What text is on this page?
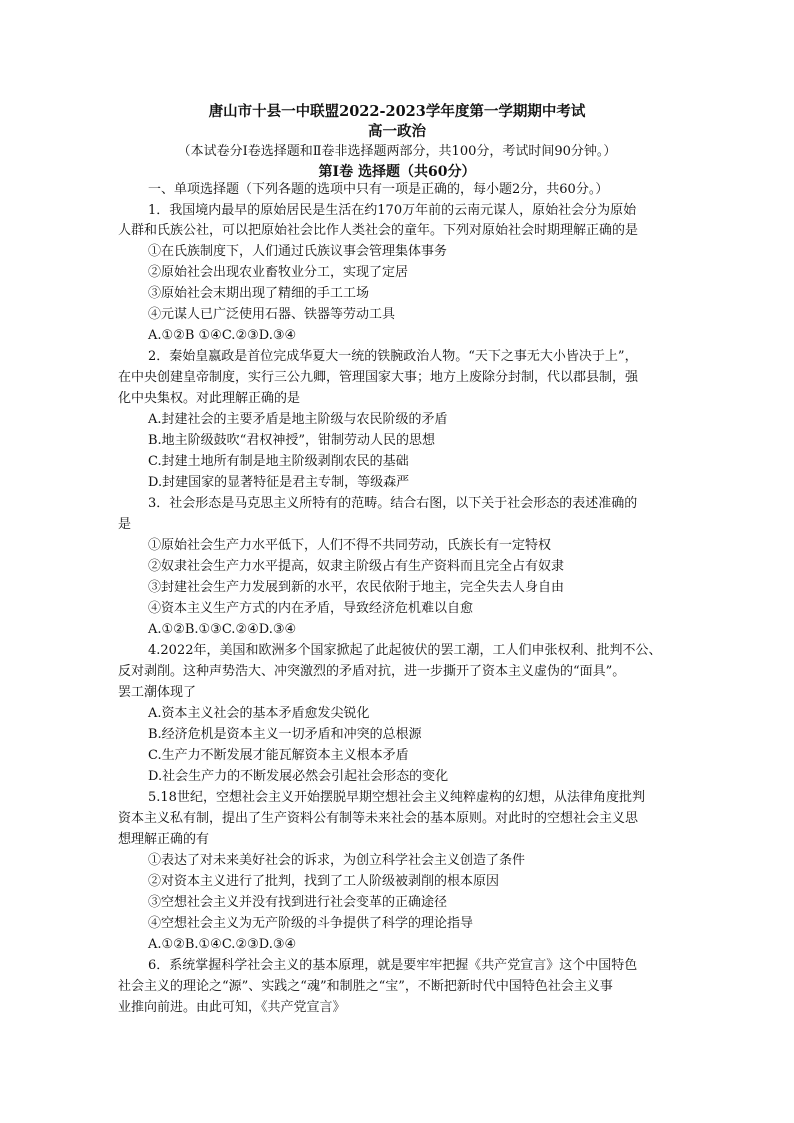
唐山市十县一中联盟2022-2023学年度第一学期期中考试
高一政治
（本试卷分Ⅰ卷选择题和Ⅱ卷非选择题两部分，共100分，考试时间90分钟。）
第Ⅰ卷 选择题（共60分）
一、单项选择题（下列各题的选项中只有一项是正确的，每小题2分，共60分。）
1．我国境内最早的原始居民是生活在约170万年前的云南元谋人，原始社会分为原始
人群和氏族公社，可以把原始社会比作人类社会的童年。下列对原始社会时期理解正确的是
①在氏族制度下，人们通过氏族议事会管理集体事务
②原始社会出现农业畜牧业分工，实现了定居
③原始社会末期出现了精细的手工工场
④元谋人已广泛使用石器、铁器等劳动工具
A.①②B ①④C.②③D.③④
2．秦始皇嬴政是首位完成华夏大一统的铁腕政治人物。“天下之事无大小皆决于上”，
在中央创建皇帝制度，实行三公九卿，管理国家大事；地方上废除分封制，代以郡县制，强
化中央集权。对此理解正确的是
A.封建社会的主要矛盾是地主阶级与农民阶级的矛盾
B.地主阶级鼓吹“君权神授”，钳制劳动人民的思想
C.封建土地所有制是地主阶级剥削农民的基础
D.封建国家的显著特征是君主专制，等级森严
3．社会形态是马克思主义所特有的范畴。结合右图，以下关于社会形态的表述准确的
是
①原始社会生产力水平低下，人们不得不共同劳动，氏族长有一定特权
②奴隶社会生产力水平提高，奴隶主阶级占有生产资料而且完全占有奴隶
③封建社会生产力发展到新的水平，农民依附于地主，完全失去人身自由
④资本主义生产方式的内在矛盾，导致经济危机难以自愈
A.①②B.①③C.②④D.③④
4.2022年，美国和欧洲多个国家掀起了此起彼伏的罢工潮，工人们申张权利、批判不公、
反对剥削。这种声势浩大、冲突激烈的矛盾对抗，进一步撕开了资本主义虚伪的“面具”。
罢工潮体现了
A.资本主义社会的基本矛盾愈发尖锐化
B.经济危机是资本主义一切矛盾和冲突的总根源
C.生产力不断发展才能瓦解资本主义根本矛盾
D.社会生产力的不断发展必然会引起社会形态的变化
5.18世纪，空想社会主义开始摆脱早期空想社会主义纯粹虚构的幻想，从法律角度批判
资本主义私有制，提出了生产资料公有制等未来社会的基本原则。对此时的空想社会主义思
想理解正确的有
①表达了对未来美好社会的诉求，为创立科学社会主义创造了条件
②对资本主义进行了批判，找到了工人阶级被剥削的根本原因
③空想社会主义并没有找到进行社会变革的正确途径
④空想社会主义为无产阶级的斗争提供了科学的理论指导
A.①②B.①④C.②③D.③④
6．系统掌握科学社会主义的基本原理，就是要牢牢把握《共产党宣言》这个中国特色
社会主义的理论之“源”、实践之“魂”和制胜之“宝”，不断把新时代中国特色社会主义事
业推向前进。由此可知，《共产党宣言》
